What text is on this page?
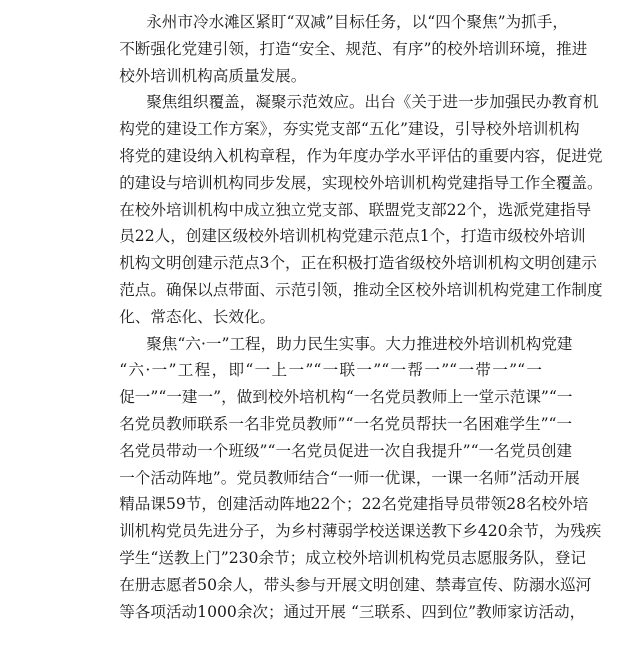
永州市冷水滩区紧盯“双减”目标任务，以“四个聚焦”为抓手，
不断强化党建引领，打造“安全、规范、有序”的校外培训环境，推进
校外培训机构高质量发展。
聚焦组织覆盖，凝聚示范效应。出台《关于进一步加强民办教育机
构党的建设工作方案》，夯实党支部“五化”建设，引导校外培训机构
将党的建设纳入机构章程，作为年度办学水平评估的重要内容，促进党
的建设与培训机构同步发展，实现校外培训机构党建指导工作全覆盖。
在校外培训机构中成立独立党支部、联盟党支部22个，选派党建指导
员22人，创建区级校外培训机构党建示范点1个，打造市级校外培训
机构文明创建示范点3个，正在积极打造省级校外培训机构文明创建示
范点。确保以点带面、示范引领，推动全区校外培训机构党建工作制度
化、常态化、长效化。
聚焦“六·一”工程，助力民生实事。大力推进校外培训机构党建
“六·一”工程，即“一上一”“一联一”“一帮一”“一带一”“一
促一”“一建一”，做到校外培机构“一名党员教师上一堂示范课”“一
名党员教师联系一名非党员教师”“一名党员帮扶一名困难学生”“一
名党员带动一个班级”“一名党员促进一次自我提升”“一名党员创建
一个活动阵地”。党员教师结合“一师一优课，一课一名师”活动开展
精品课59节，创建活动阵地22个；22名党建指导员带领28名校外培
训机构党员先进分子，为乡村薄弱学校送课送教下乡420余节，为残疾
学生“送教上门”230余节；成立校外培训机构党员志愿服务队，登记
在册志愿者50余人，带头参与开展文明创建、禁毒宣传、防溺水巡河
等各项活动1000余次；通过开展 “三联系、四到位”教师家访活动，
